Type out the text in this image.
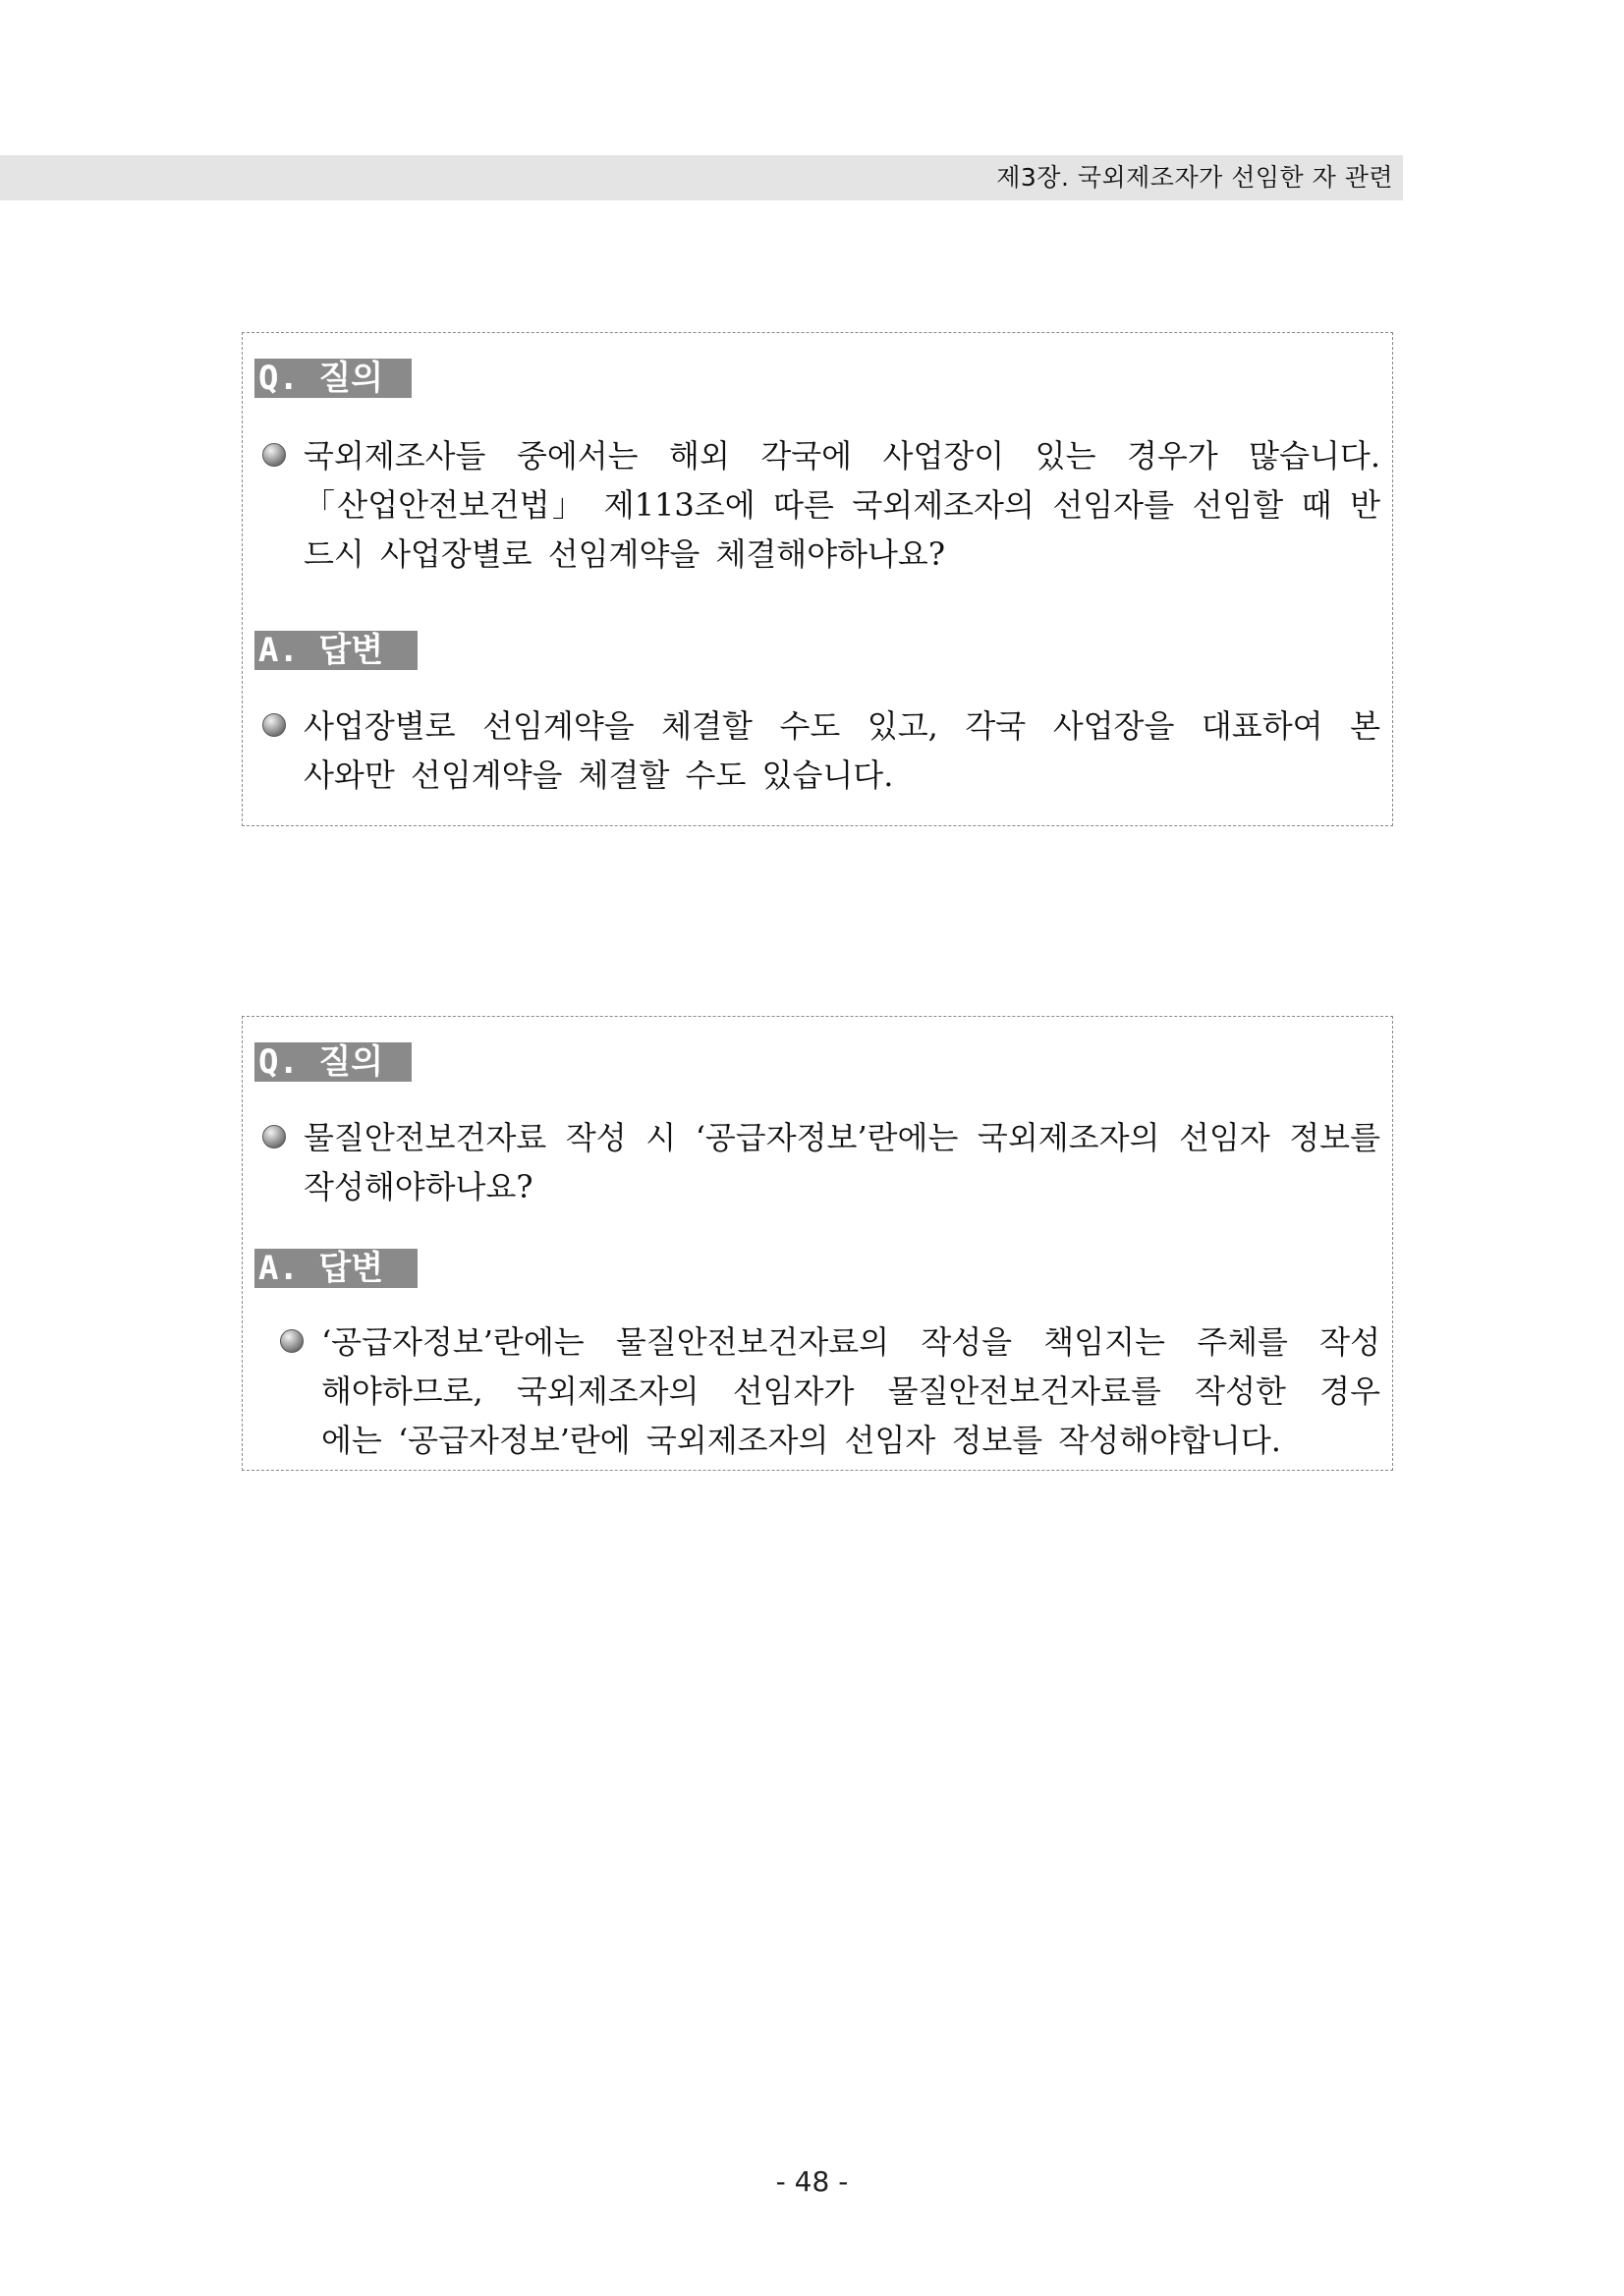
제3장. 국외제조자가 선임한 자 관련
Q. 질의

국외제조사들 중에서는 해외 각국에 사업장이 있는 경우가 많습니다.
「산업안전보건법」 제113조에 따른 국외제조자의 선임자를 선임할 때 반
드시 사업장별로 선임계약을 체결해야하나요?

A. 답변

사업장별로 선임계약을 체결할 수도 있고, 각국 사업장을 대표하여 본
사와만 선임계약을 체결할 수도 있습니다.

Q. 질의

물질안전보건자료 작성 시 ‘공급자정보’란에는 국외제조자의 선임자 정보를
작성해야하나요?

A. 답변

‘공급자정보’란에는 물질안전보건자료의 작성을 책임지는 주체를 작성
해야하므로, 국외제조자의 선임자가 물질안전보건자료를 작성한 경우
에는 ‘공급자정보’란에 국외제조자의 선임자 정보를 작성해야합니다.

- 48 -
